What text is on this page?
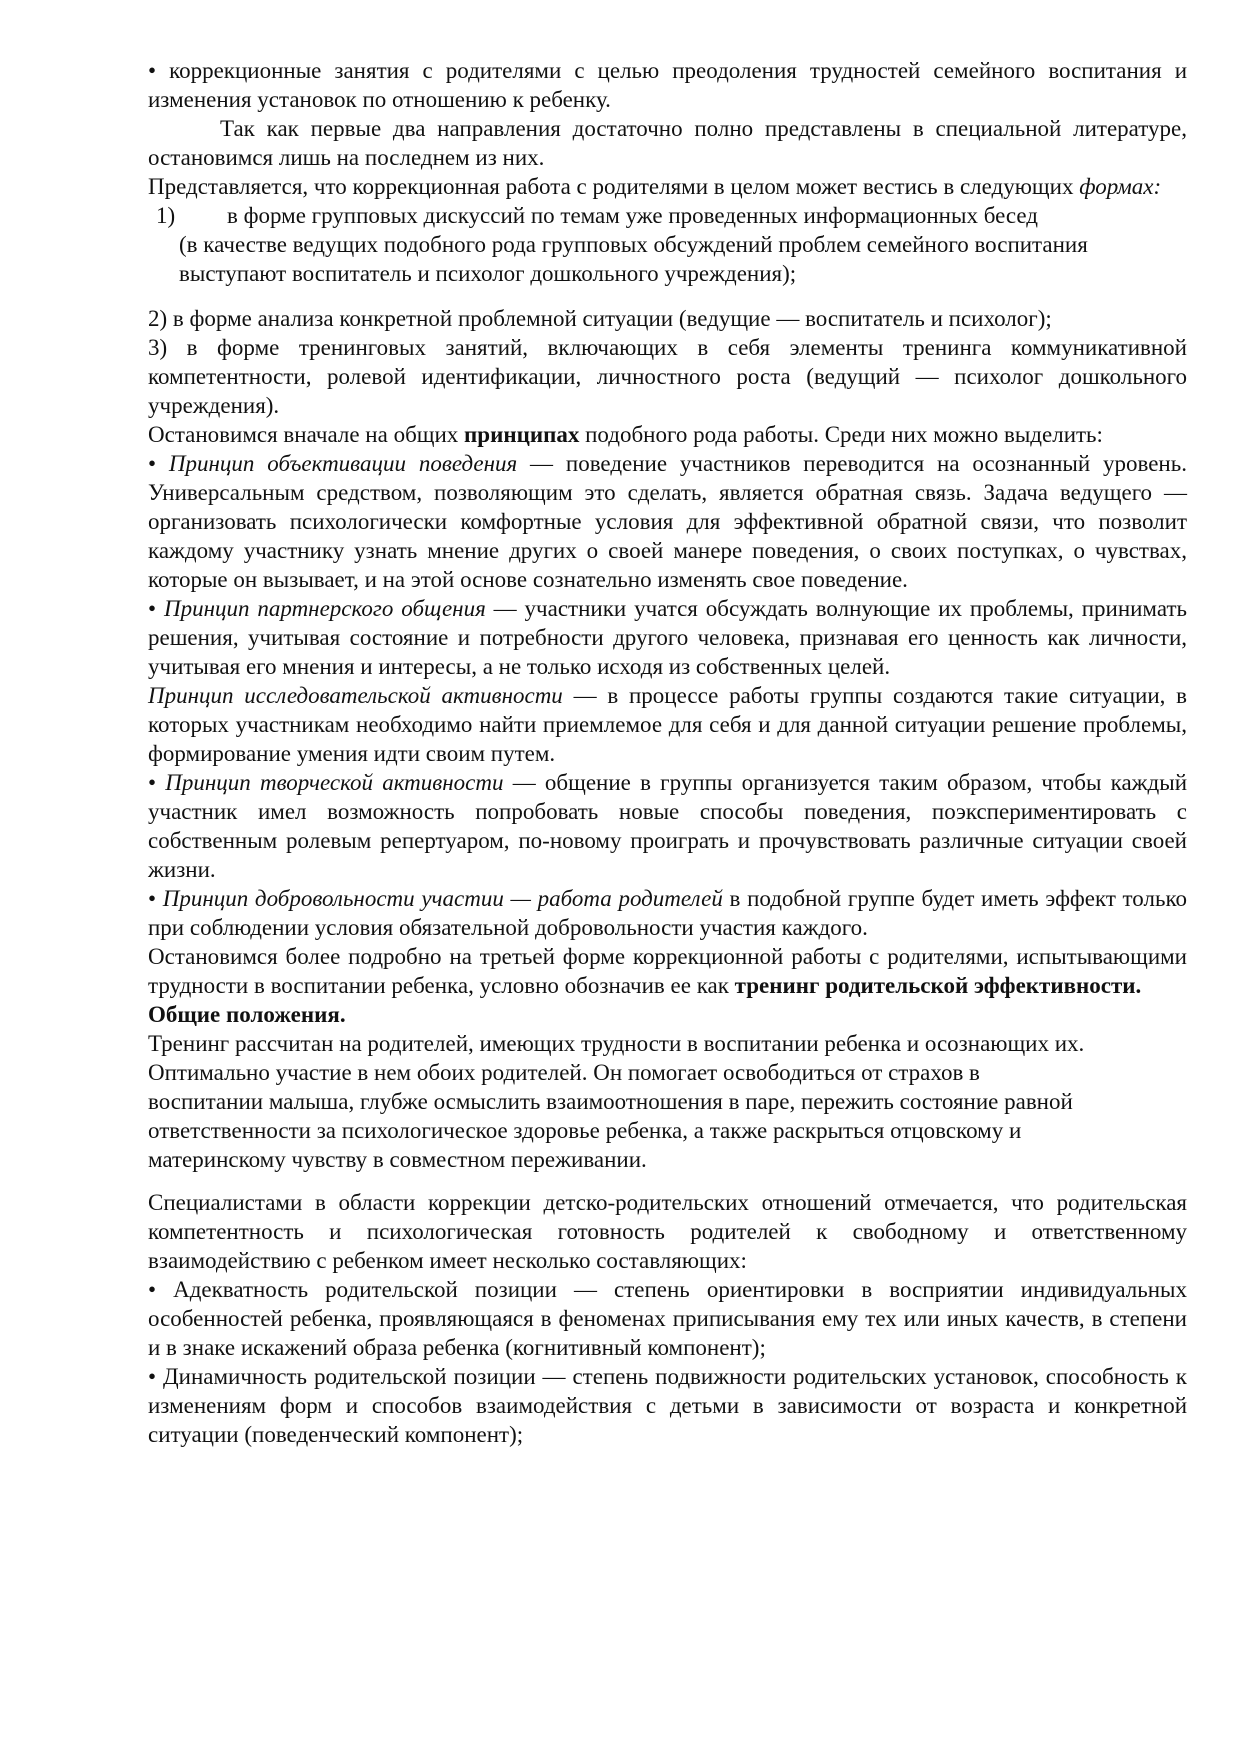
• коррекционные занятия с родителями с целью преодоления трудностей семейного воспитания и изменения установок по отношению к ребенку.

Так как первые два направления достаточно полно представлены в специальной литературе, остановимся лишь на последнем из них.

Представляется, что коррекционная работа с родителями в целом может вестись в следующих формах:

1)	в форме групповых дискуссий по темам уже проведенных информационных бесед

(в качестве ведущих подобного рода групповых обсуждений проблем семейного воспитания

выступают воспитатель и психолог дошкольного учреждения);

2) в форме анализа конкретной проблемной ситуации (ведущие — воспитатель и психолог);

3) в форме тренинговых занятий, включающих в себя элементы тренинга коммуникативной компетентности, ролевой идентификации, личностного роста (ведущий — психолог дошкольного учреждения).

Остановимся вначале на общих принципах подобного рода работы. Среди них можно выделить:

• Принцип объективации поведения — поведение участников переводится на осознанный уровень. Универсальным средством, позволяющим это сделать, является обратная связь. Задача ведущего — организовать психологически комфортные условия для эффективной обратной связи, что позволит каждому участнику узнать мнение других о своей манере поведения, о своих поступках, о чувствах, которые он вызывает, и на этой основе сознательно изменять свое поведение.

• Принцип партнерского общения — участники учатся обсуждать волнующие их проблемы, принимать решения, учитывая состояние и потребности другого человека, признавая его ценность как личности, учитывая его мнения и интересы, а не только исходя из собственных целей.

Принцип исследовательской активности — в процессе работы группы создаются такие ситуации, в которых участникам необходимо найти приемлемое для себя и для данной ситуации решение проблемы, формирование умения идти своим путем.

• Принцип творческой активности — общение в группы организуется таким образом, чтобы каждый участник имел возможность попробовать новые способы поведения, поэкспериментировать с собственным ролевым репертуаром, по-новому проиграть и прочувствовать различные ситуации своей жизни.

• Принцип добровольности участии — работа родителей в подобной группе будет иметь эффект только при соблюдении условия обязательной добровольности участия каждого.

Остановимся более подробно на третьей форме коррекционной работы с родителями, испытывающими трудности в воспитании ребенка, условно обозначив ее как тренинг родительской эффективности.

Общие положения.

Тренинг рассчитан на родителей, имеющих трудности в воспитании ребенка и осознающих их.

Оптимально участие в нем обоих родителей. Он помогает освободиться от страхов в

воспитании малыша, глубже осмыслить взаимоотношения в паре, пережить состояние равной

ответственности за психологическое здоровье ребенка, а также раскрыться отцовскому и

материнскому чувству в совместном переживании.

Специалистами в области коррекции детско-родительских отношений отмечается, что родительская компетентность и психологическая готовность родителей к свободному и ответственному взаимодействию с ребенком имеет несколько составляющих:

• Адекватность родительской позиции — степень ориентировки в восприятии индивидуальных особенностей ребенка, проявляющаяся в феноменах приписывания ему тех или иных качеств, в степени и в знаке искажений образа ребенка (когнитивный компонент);

• Динамичность родительской позиции — степень подвижности родительских установок, способность к изменениям форм и способов взаимодействия с детьми в зависимости от возраста и конкретной ситуации (поведенческий компонент);
